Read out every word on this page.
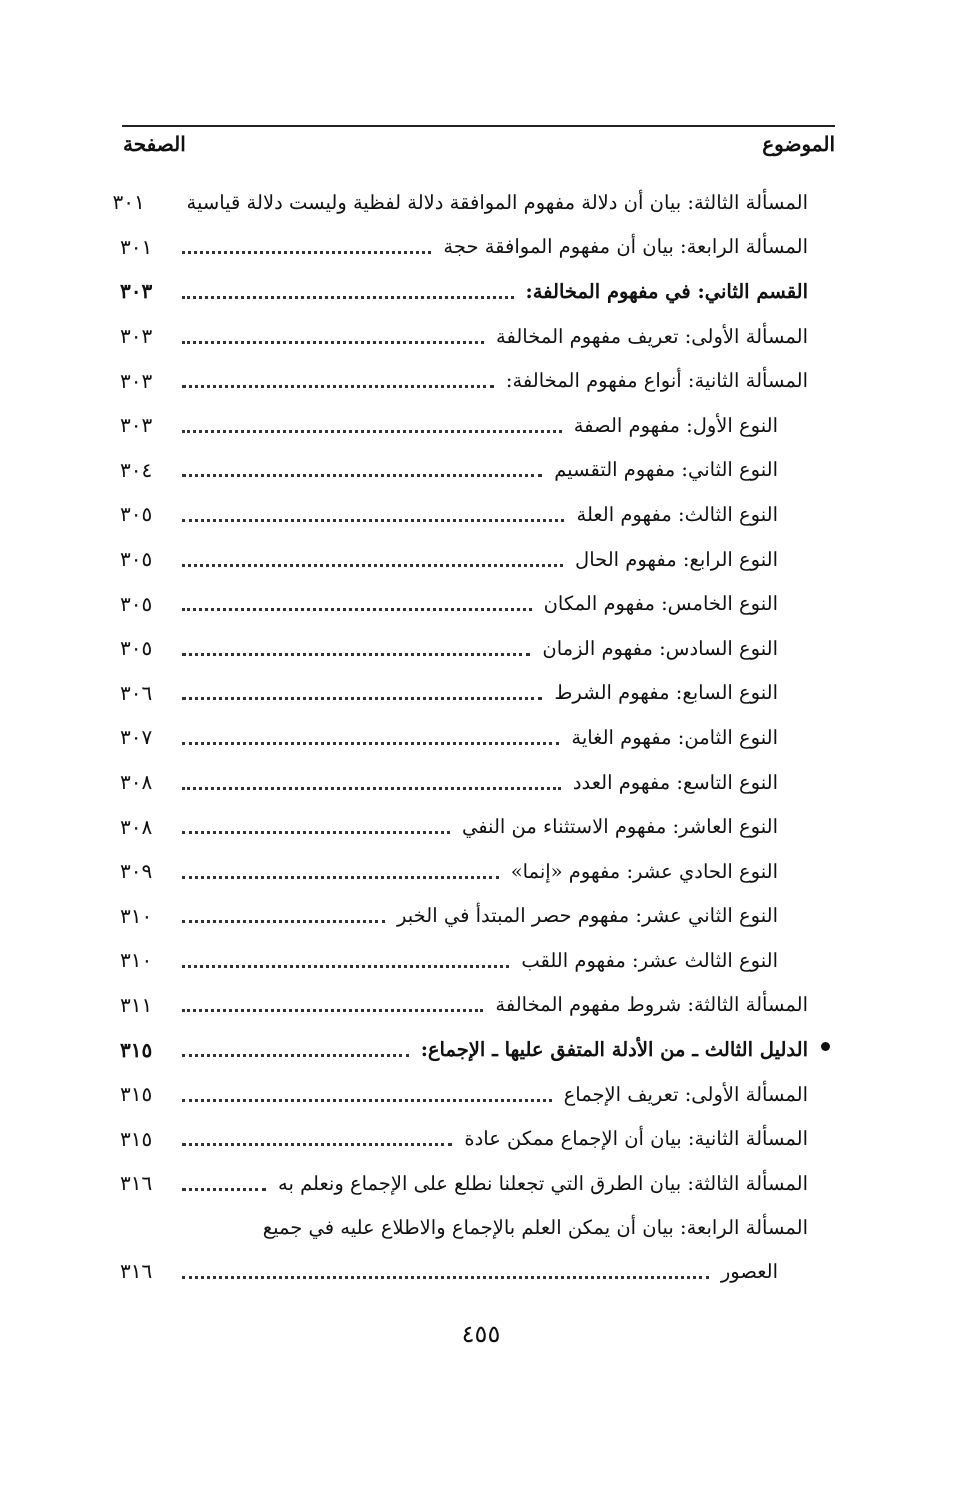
الموضوع
الصفحة
المسألة الثالثة: بيان أن دلالة مفهوم الموافقة دلالة لفظية وليست دلالة قياسية
٣٠١
المسألة الرابعة: بيان أن مفهوم الموافقة حجة
٣٠١
القسم الثاني: في مفهوم المخالفة:
٣٠٣
المسألة الأولى: تعريف مفهوم المخالفة
٣٠٣
المسألة الثانية: أنواع مفهوم المخالفة:
٣٠٣
النوع الأول: مفهوم الصفة
٣٠٣
النوع الثاني: مفهوم التقسيم
٣٠٤
النوع الثالث: مفهوم العلة
٣٠٥
النوع الرابع: مفهوم الحال
٣٠٥
النوع الخامس: مفهوم المكان
٣٠٥
النوع السادس: مفهوم الزمان
٣٠٥
النوع السابع: مفهوم الشرط
٣٠٦
النوع الثامن: مفهوم الغاية
٣٠٧
النوع التاسع: مفهوم العدد
٣٠٨
النوع العاشر: مفهوم الاستثناء من النفي
٣٠٨
النوع الحادي عشر: مفهوم «إنما»
٣٠٩
النوع الثاني عشر: مفهوم حصر المبتدأ في الخبر
٣١٠
النوع الثالث عشر: مفهوم اللقب
٣١٠
المسألة الثالثة: شروط مفهوم المخالفة
٣١١
الدليل الثالث ـ من الأدلة المتفق عليها ـ الإجماع:
٣١٥
المسألة الأولى: تعريف الإجماع
٣١٥
المسألة الثانية: بيان أن الإجماع ممكن عادة
٣١٥
المسألة الثالثة: بيان الطرق التي تجعلنا نطلع على الإجماع ونعلم به
٣١٦
المسألة الرابعة: بيان أن يمكن العلم بالإجماع والاطلاع عليه في جميع
العصور
٣١٦
٤٥٥
